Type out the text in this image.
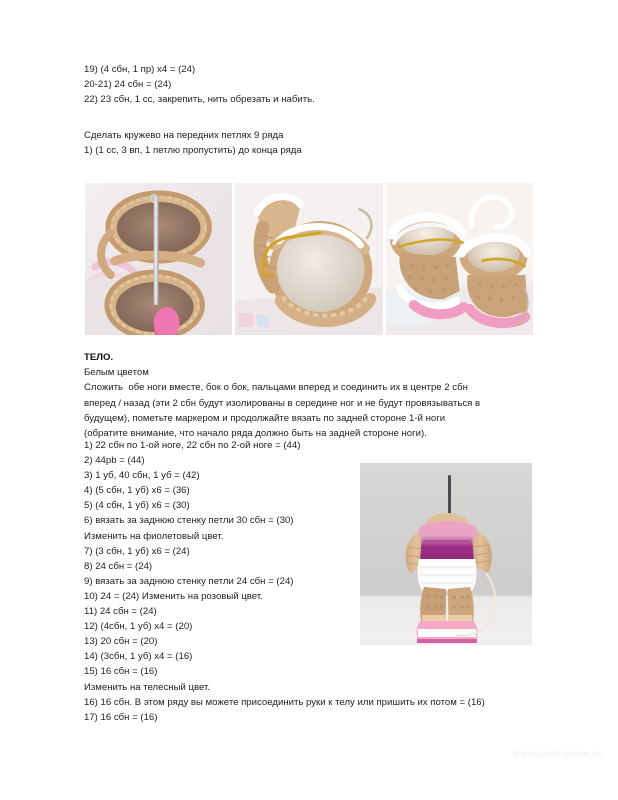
19) (4 сбн, 1 пр) х4 = (24)
20-21) 24 сбн = (24)
22) 23 сбн, 1 сс, закрепить, нить обрезать и набить.
Сделать кружево на передних петлях 9 ряда
1) (1 сс, 3 вп, 1 петлю пропустить) до конца ряда
ТЕЛО.
Белым цветом
Сложить  обе ноги вместе, бок о бок, пальцами вперед и соединить их в центре 2 сбн
вперед / назад (эти 2 сбн будут изолированы в середине ног и не будут провязываться в
будущем), пометьте маркером и продолжайте вязать по задней стороне 1-й ноги
(обратите внимание, что начало ряда должно быть на задней стороне ноги).
1) 22 сбн по 1-ой ноге, 22 сбн по 2-ой ноге = (44)
2) 44pb = (44)
3) 1 уб, 40 сбн, 1 уб = (42)
4) (5 сбн, 1 уб) х6 = (36)
5) (4 сбн, 1 уб) х6 = (30)
6) вязать за заднюю стенку петли 30 сбн = (30)
Изменить на фиолетовый цвет.
7) (3 сбн, 1 уб) х6 = (24)
8) 24 сбн = (24)
9) вязать за заднюю стенку петли 24 сбн = (24)
10) 24 = (24) Изменить на розовый цвет.
11) 24 сбн = (24)
12) (4сбн, 1 уб) х4 = (20)
13) 20 сбн = (20)
14) (3сбн, 1 уб) х4 = (16)
15) 16 сбн = (16)
Изменить на телесный цвет.
16) 16 сбн. В этом ряду вы можете присоединить руки к телу или пришить их потом = (16)
17) 16 сбн = (16)
PassionForum.ru
